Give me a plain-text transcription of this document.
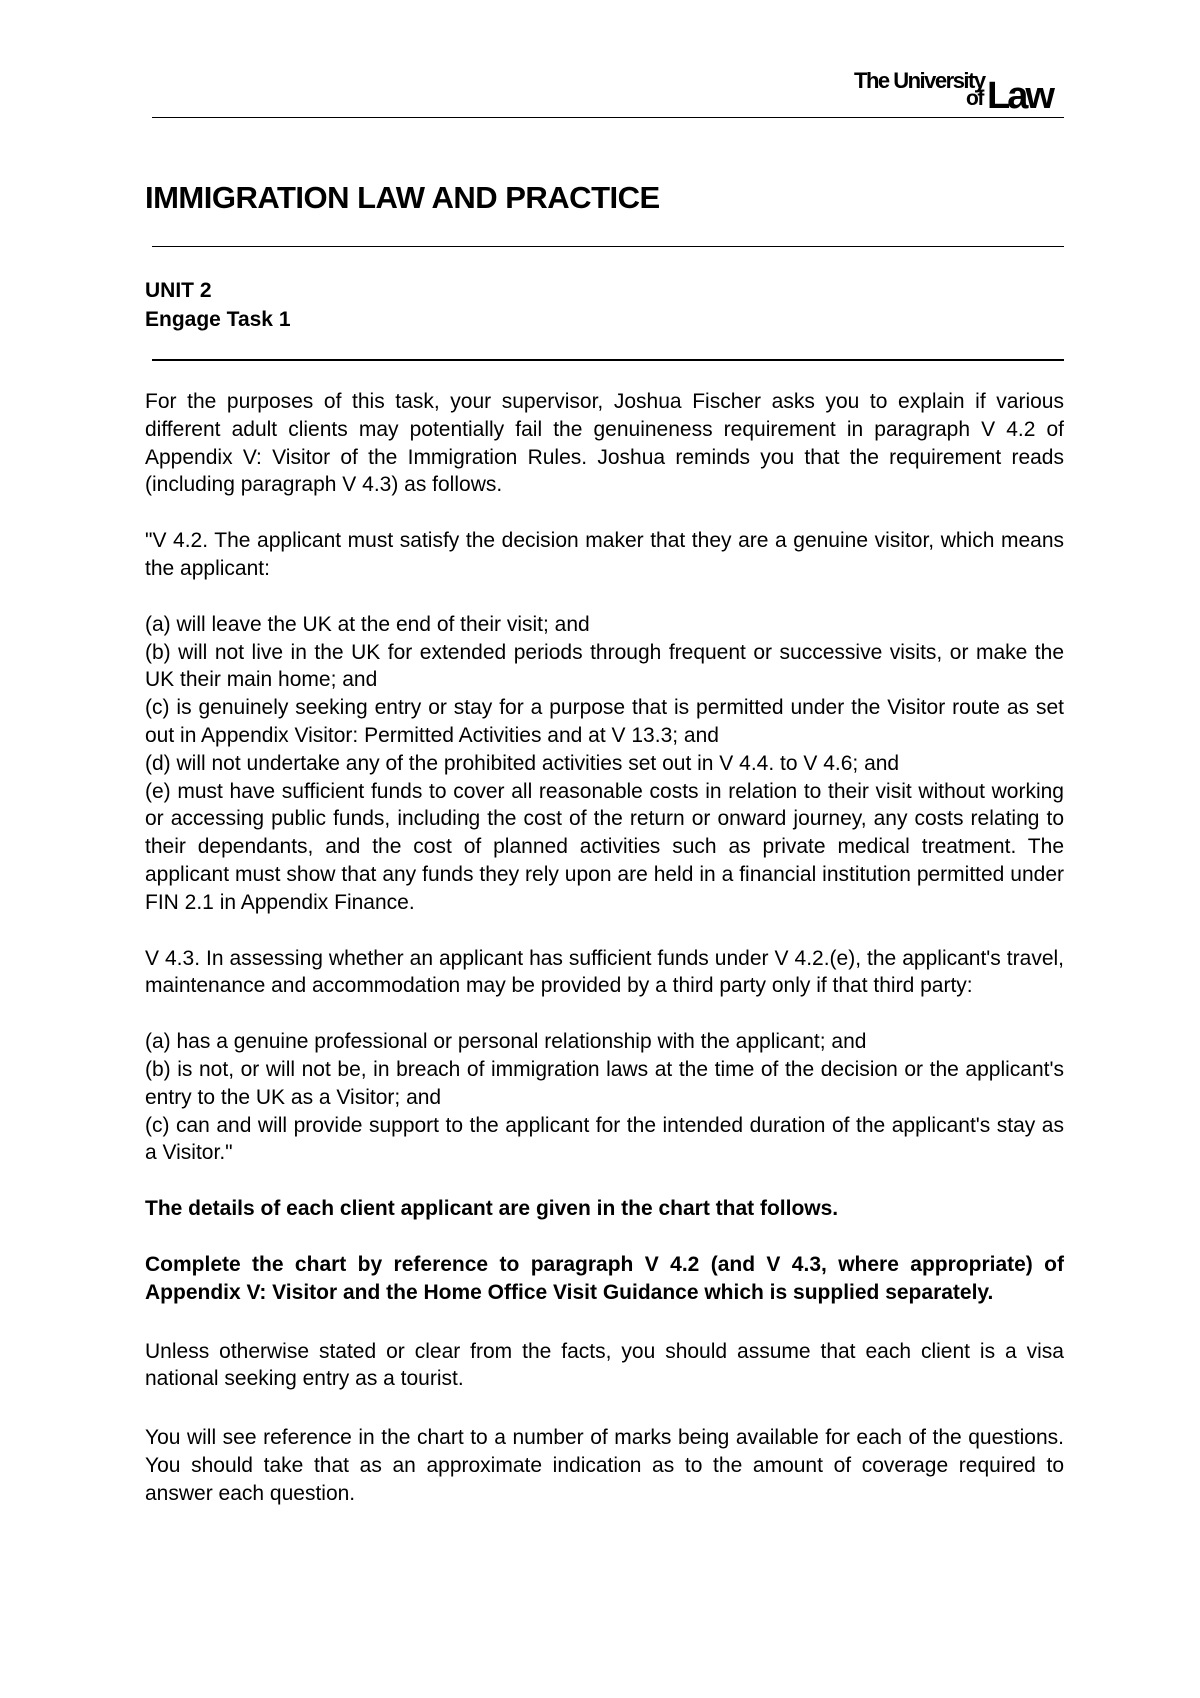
The University
of Law
IMMIGRATION LAW AND PRACTICE
UNIT 2
Engage Task 1

For the purposes of this task, your supervisor, Joshua Fischer asks you to explain if various different adult clients may potentially fail the genuineness requirement in paragraph V 4.2 of Appendix V: Visitor of the Immigration Rules. Joshua reminds you that the requirement reads (including paragraph V 4.3) as follows.

"V 4.2. The applicant must satisfy the decision maker that they are a genuine visitor, which means the applicant:

(a) will leave the UK at the end of their visit; and

(b) will not live in the UK for extended periods through frequent or successive visits, or make the UK their main home; and

(c) is genuinely seeking entry or stay for a purpose that is permitted under the Visitor route as set out in Appendix Visitor: Permitted Activities and at V 13.3; and

(d) will not undertake any of the prohibited activities set out in V 4.4. to V 4.6; and

(e) must have sufficient funds to cover all reasonable costs in relation to their visit without working or accessing public funds, including the cost of the return or onward journey, any costs relating to their dependants, and the cost of planned activities such as private medical treatment. The applicant must show that any funds they rely upon are held in a financial institution permitted under FIN 2.1 in Appendix Finance.

V 4.3. In assessing whether an applicant has sufficient funds under V 4.2.(e), the applicant's travel, maintenance and accommodation may be provided by a third party only if that third party:

(a) has a genuine professional or personal relationship with the applicant; and

(b) is not, or will not be, in breach of immigration laws at the time of the decision or the applicant's entry to the UK as a Visitor; and

(c) can and will provide support to the applicant for the intended duration of the applicant's stay as a Visitor."

The details of each client applicant are given in the chart that follows.

Complete the chart by reference to paragraph V 4.2 (and V 4.3, where appropriate) of Appendix V: Visitor and the Home Office Visit Guidance which is supplied separately.

Unless otherwise stated or clear from the facts, you should assume that each client is a visa national seeking entry as a tourist.

You will see reference in the chart to a number of marks being available for each of the questions. You should take that as an approximate indication as to the amount of coverage required to answer each question.
